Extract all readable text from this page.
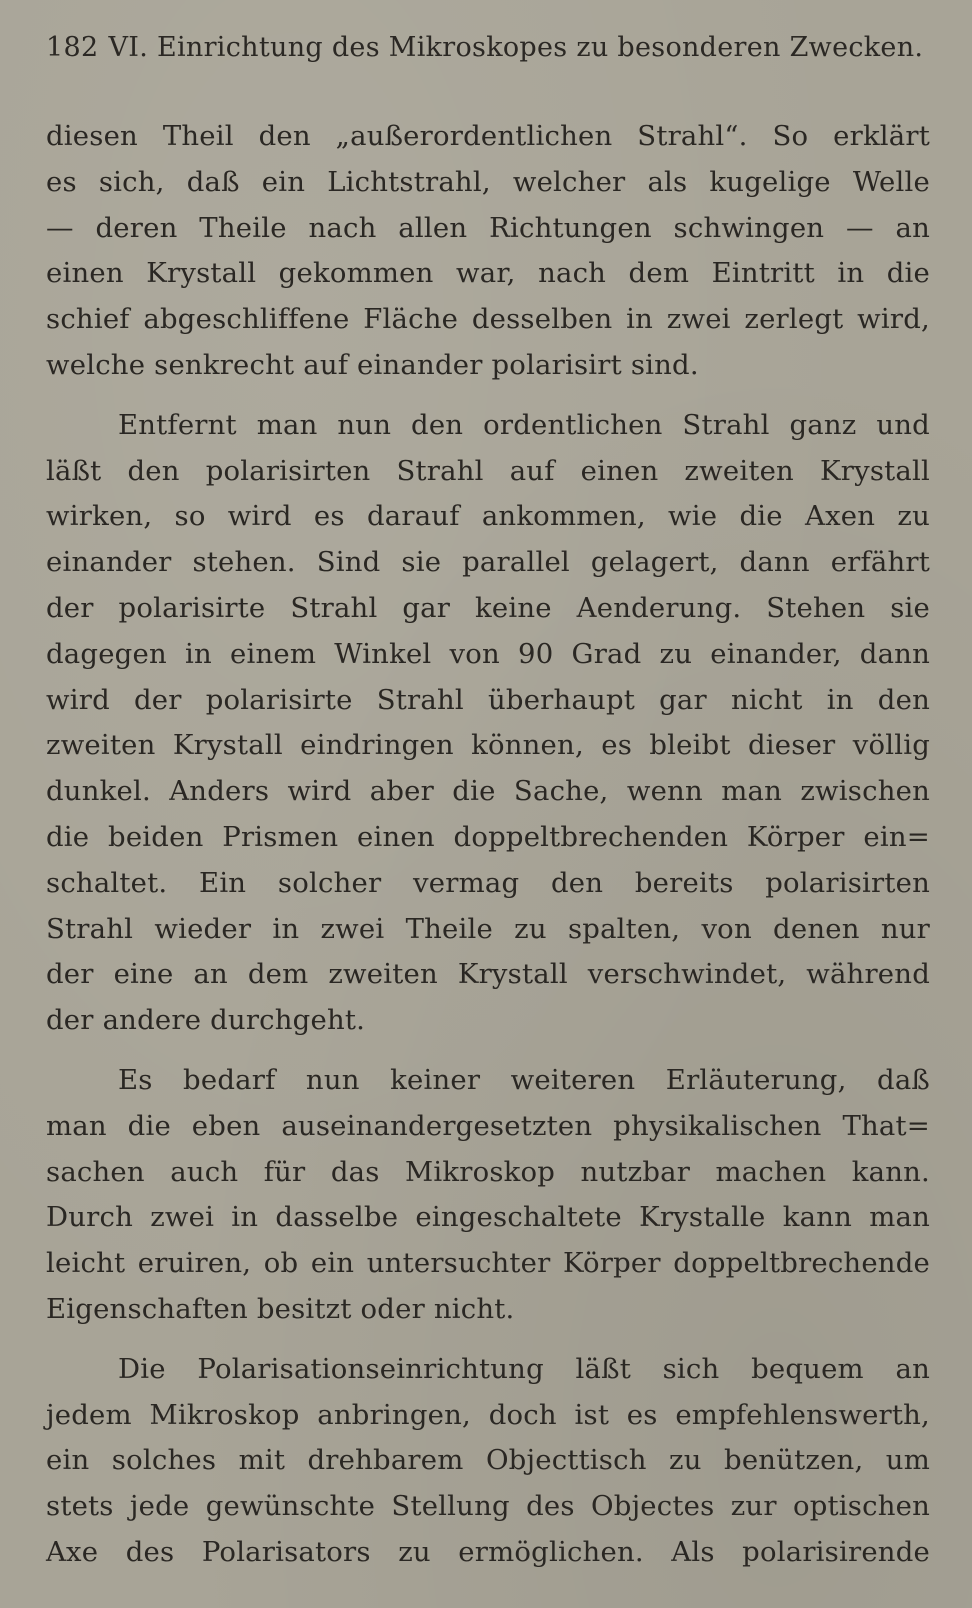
182 VI. Einrichtung des Mikroskopes zu besonderen Zwecken.
diesen Theil den „außerordentlichen Strahl“. So erklärt
es sich, daß ein Lichtstrahl, welcher als kugelige Welle
— deren Theile nach allen Richtungen schwingen — an
einen Krystall gekommen war, nach dem Eintritt in die
schief abgeschliffene Fläche desselben in zwei zerlegt wird,
welche senkrecht auf einander polarisirt sind.
Entfernt man nun den ordentlichen Strahl ganz und
läßt den polarisirten Strahl auf einen zweiten Krystall
wirken, so wird es darauf ankommen, wie die Axen zu
einander stehen. Sind sie parallel gelagert, dann erfährt
der polarisirte Strahl gar keine Aenderung. Stehen sie
dagegen in einem Winkel von 90 Grad zu einander, dann
wird der polarisirte Strahl überhaupt gar nicht in den
zweiten Krystall eindringen können, es bleibt dieser völlig
dunkel. Anders wird aber die Sache, wenn man zwischen
die beiden Prismen einen doppeltbrechenden Körper ein=
schaltet. Ein solcher vermag den bereits polarisirten
Strahl wieder in zwei Theile zu spalten, von denen nur
der eine an dem zweiten Krystall verschwindet, während
der andere durchgeht.
Es bedarf nun keiner weiteren Erläuterung, daß
man die eben auseinandergesetzten physikalischen That=
sachen auch für das Mikroskop nutzbar machen kann.
Durch zwei in dasselbe eingeschaltete Krystalle kann man
leicht eruiren, ob ein untersuchter Körper doppeltbrechende
Eigenschaften besitzt oder nicht.
Die Polarisationseinrichtung läßt sich bequem an
jedem Mikroskop anbringen, doch ist es empfehlenswerth,
ein solches mit drehbarem Objecttisch zu benützen, um
stets jede gewünschte Stellung des Objectes zur optischen
Axe des Polarisators zu ermöglichen. Als polarisirende
